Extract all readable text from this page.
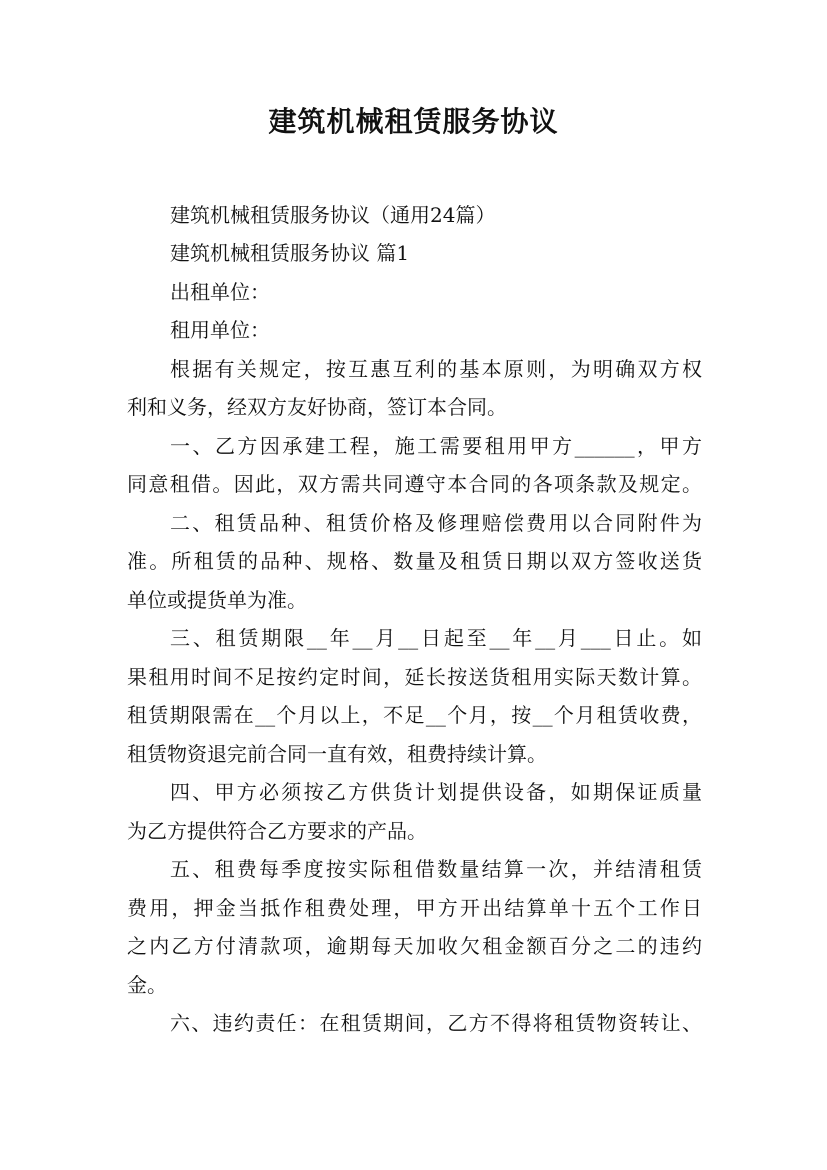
建筑机械租赁服务协议
建筑机械租赁服务协议（通用24篇）
建筑机械租赁服务协议 篇1
出租单位：
租用单位：
根据有关规定，按互惠互利的基本原则，为明确双方权
利和义务，经双方友好协商，签订本合同。
一、乙方因承建工程，施工需要租用甲方______，甲方
同意租借。因此，双方需共同遵守本合同的各项条款及规定。
二、租赁品种、租赁价格及修理赔偿费用以合同附件为
准。所租赁的品种、规格、数量及租赁日期以双方签收送货
单位或提货单为准。
三、租赁期限__年__月__日起至__年__月___日止。如
果租用时间不足按约定时间，延长按送货租用实际天数计算。
租赁期限需在__个月以上，不足__个月，按__个月租赁收费，
租赁物资退完前合同一直有效，租费持续计算。
四、甲方必须按乙方供货计划提供设备，如期保证质量
为乙方提供符合乙方要求的产品。
五、租费每季度按实际租借数量结算一次，并结清租赁
费用，押金当抵作租费处理，甲方开出结算单十五个工作日
之内乙方付清款项，逾期每天加收欠租金额百分之二的违约
金。
六、违约责任：在租赁期间，乙方不得将租赁物资转让、
